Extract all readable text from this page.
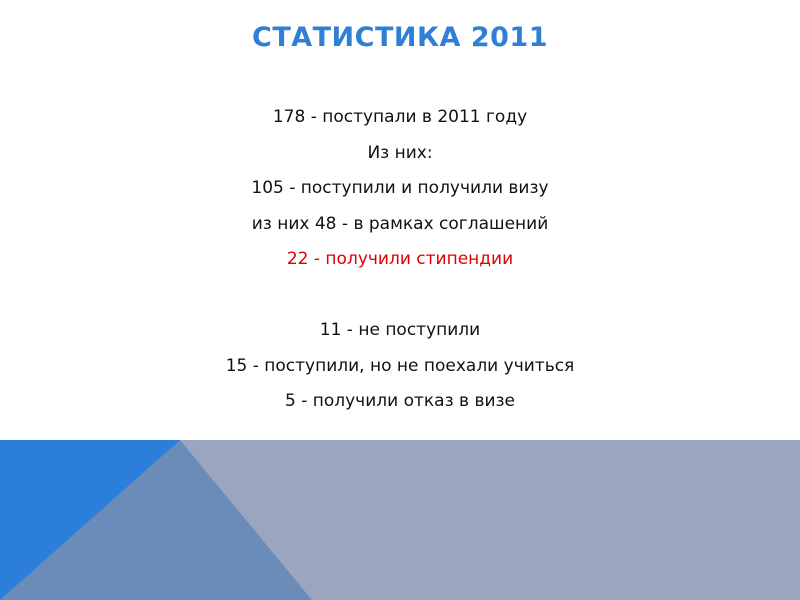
СТАТИСТИКА 2011
178 - поступали в 2011 году
Из них:
105 - поступили и получили визу
из них 48 - в рамках соглашений
22 - получили стипендии
11 - не поступили
15 - поступили, но не поехали учиться
5 - получили отказ в визе
